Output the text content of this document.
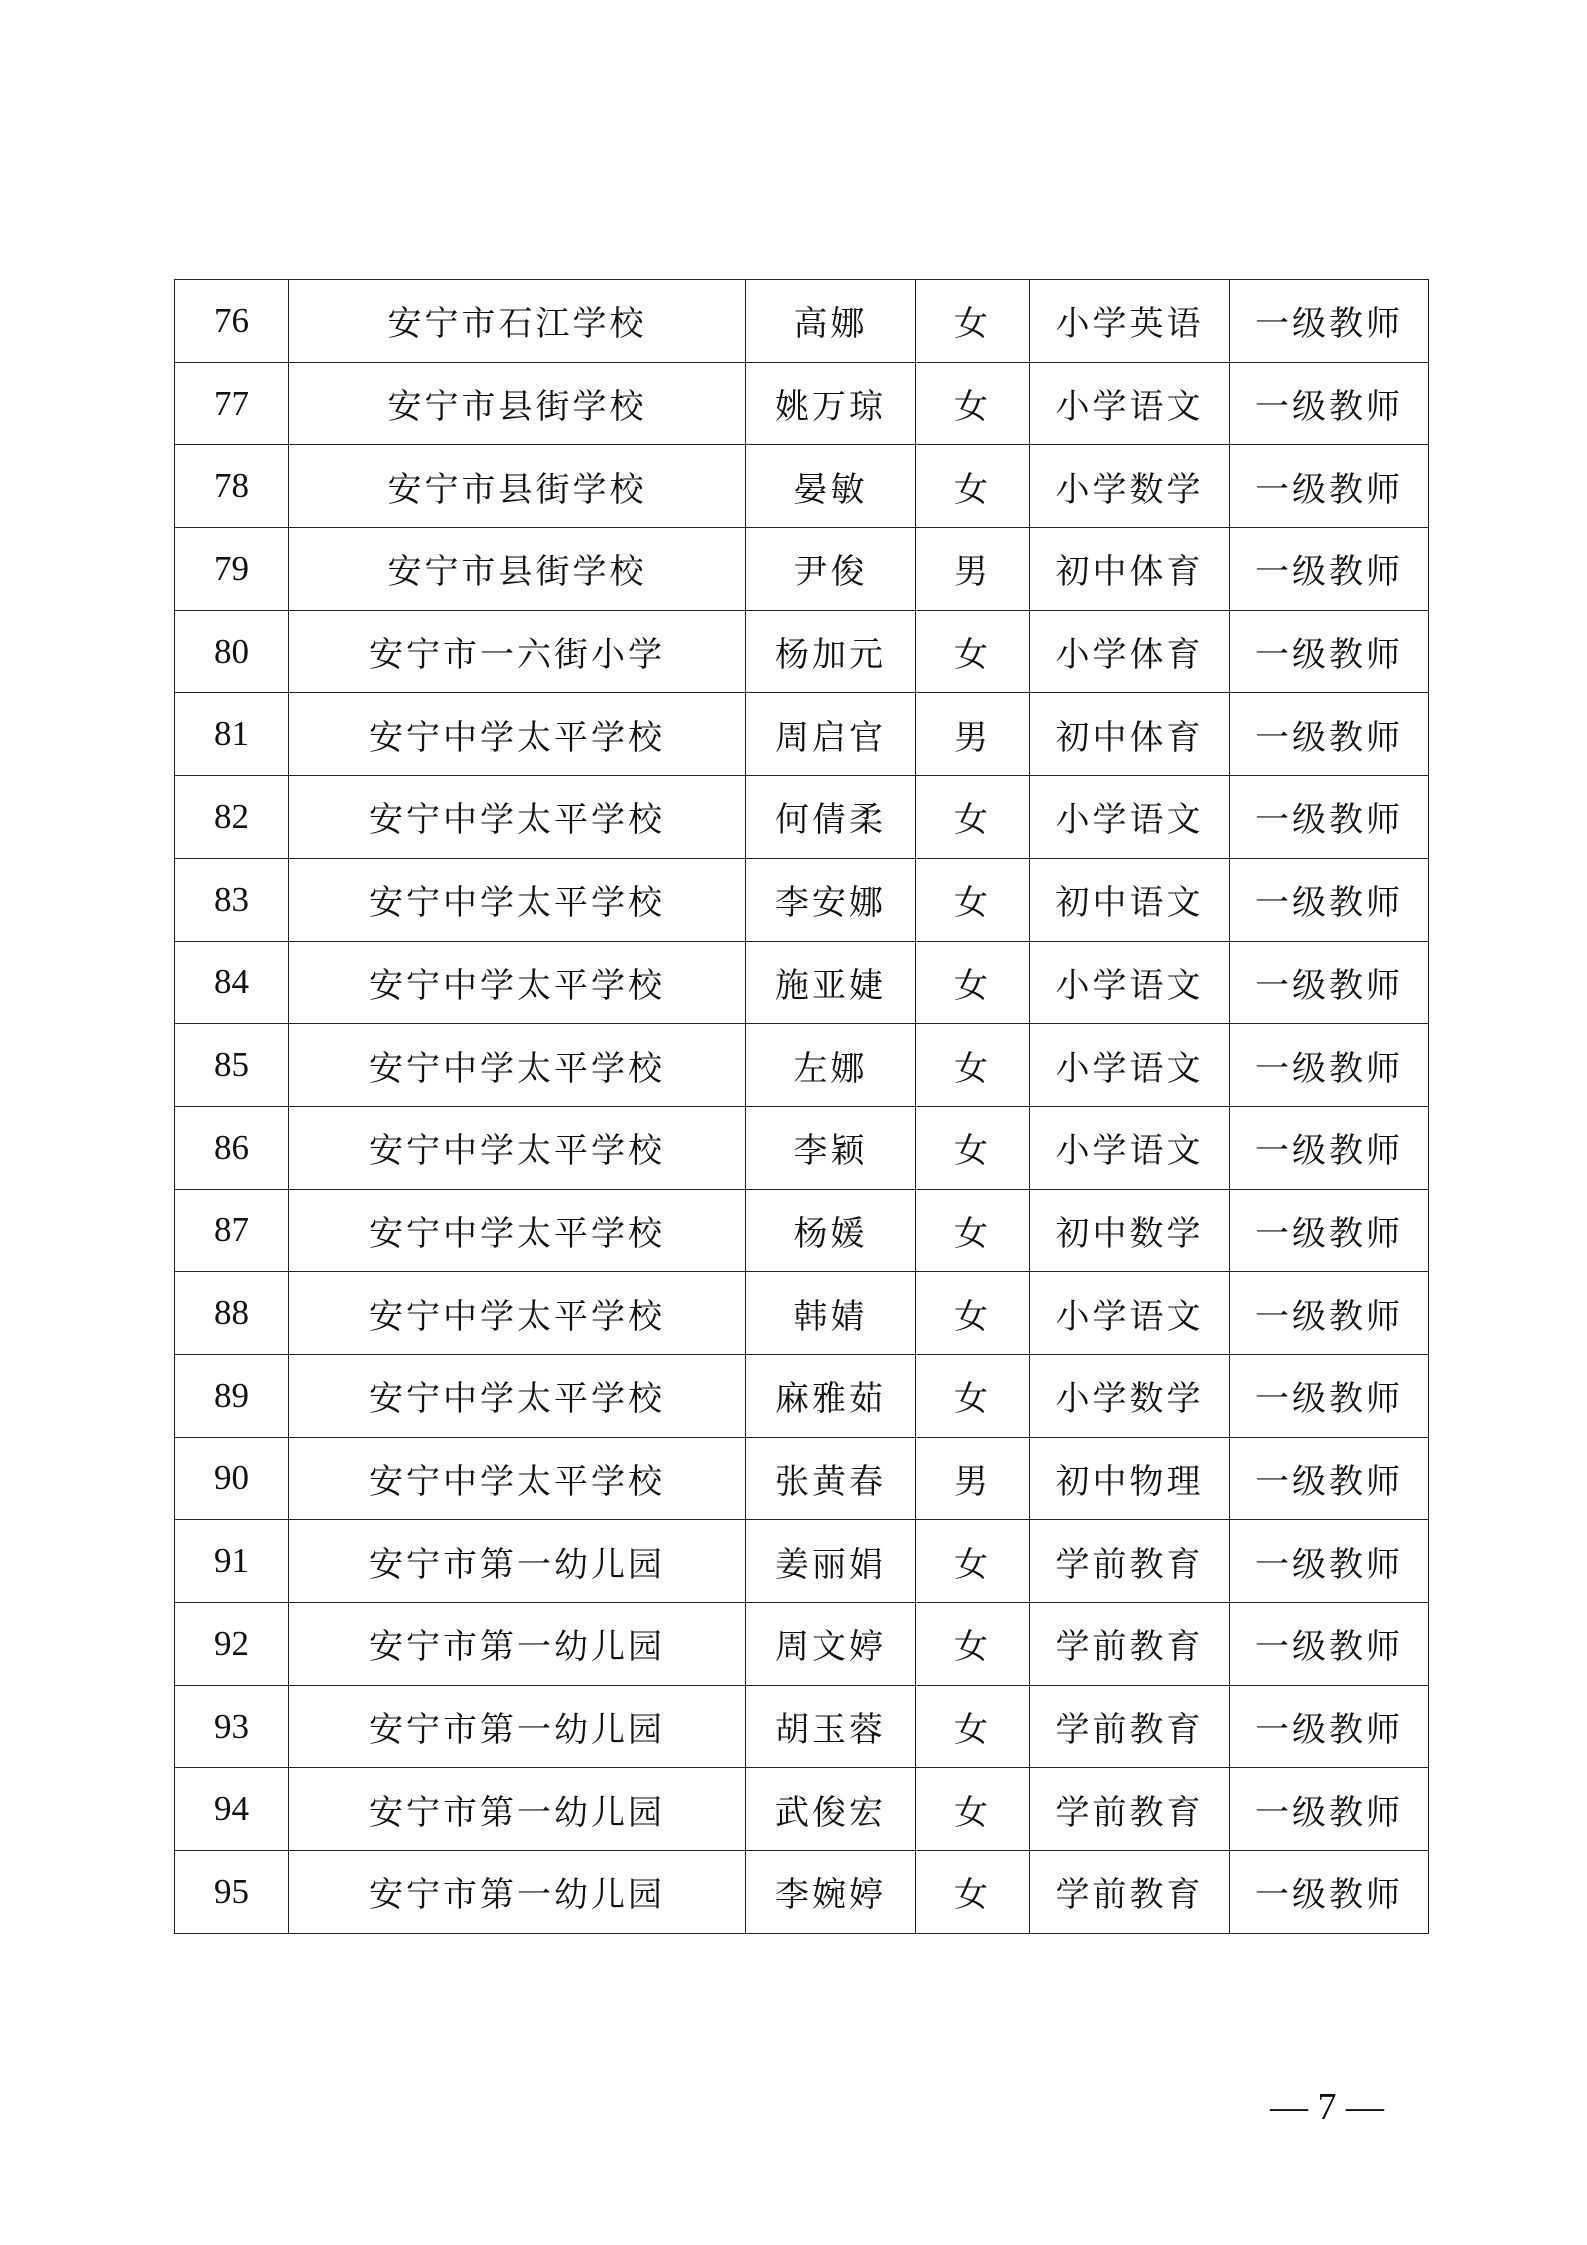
76	安宁市石江学校	高娜	女	小学英语	一级教师
77	安宁市县街学校	姚万琼	女	小学语文	一级教师
78	安宁市县街学校	晏敏	女	小学数学	一级教师
79	安宁市县街学校	尹俊	男	初中体育	一级教师
80	安宁市一六街小学	杨加元	女	小学体育	一级教师
81	安宁中学太平学校	周启官	男	初中体育	一级教师
82	安宁中学太平学校	何倩柔	女	小学语文	一级教师
83	安宁中学太平学校	李安娜	女	初中语文	一级教师
84	安宁中学太平学校	施亚婕	女	小学语文	一级教师
85	安宁中学太平学校	左娜	女	小学语文	一级教师
86	安宁中学太平学校	李颖	女	小学语文	一级教师
87	安宁中学太平学校	杨媛	女	初中数学	一级教师
88	安宁中学太平学校	韩婧	女	小学语文	一级教师
89	安宁中学太平学校	麻雅茹	女	小学数学	一级教师
90	安宁中学太平学校	张黄春	男	初中物理	一级教师
91	安宁市第一幼儿园	姜丽娟	女	学前教育	一级教师
92	安宁市第一幼儿园	周文婷	女	学前教育	一级教师
93	安宁市第一幼儿园	胡玉蓉	女	学前教育	一级教师
94	安宁市第一幼儿园	武俊宏	女	学前教育	一级教师
95	安宁市第一幼儿园	李婉婷	女	学前教育	一级教师
— 7 —
